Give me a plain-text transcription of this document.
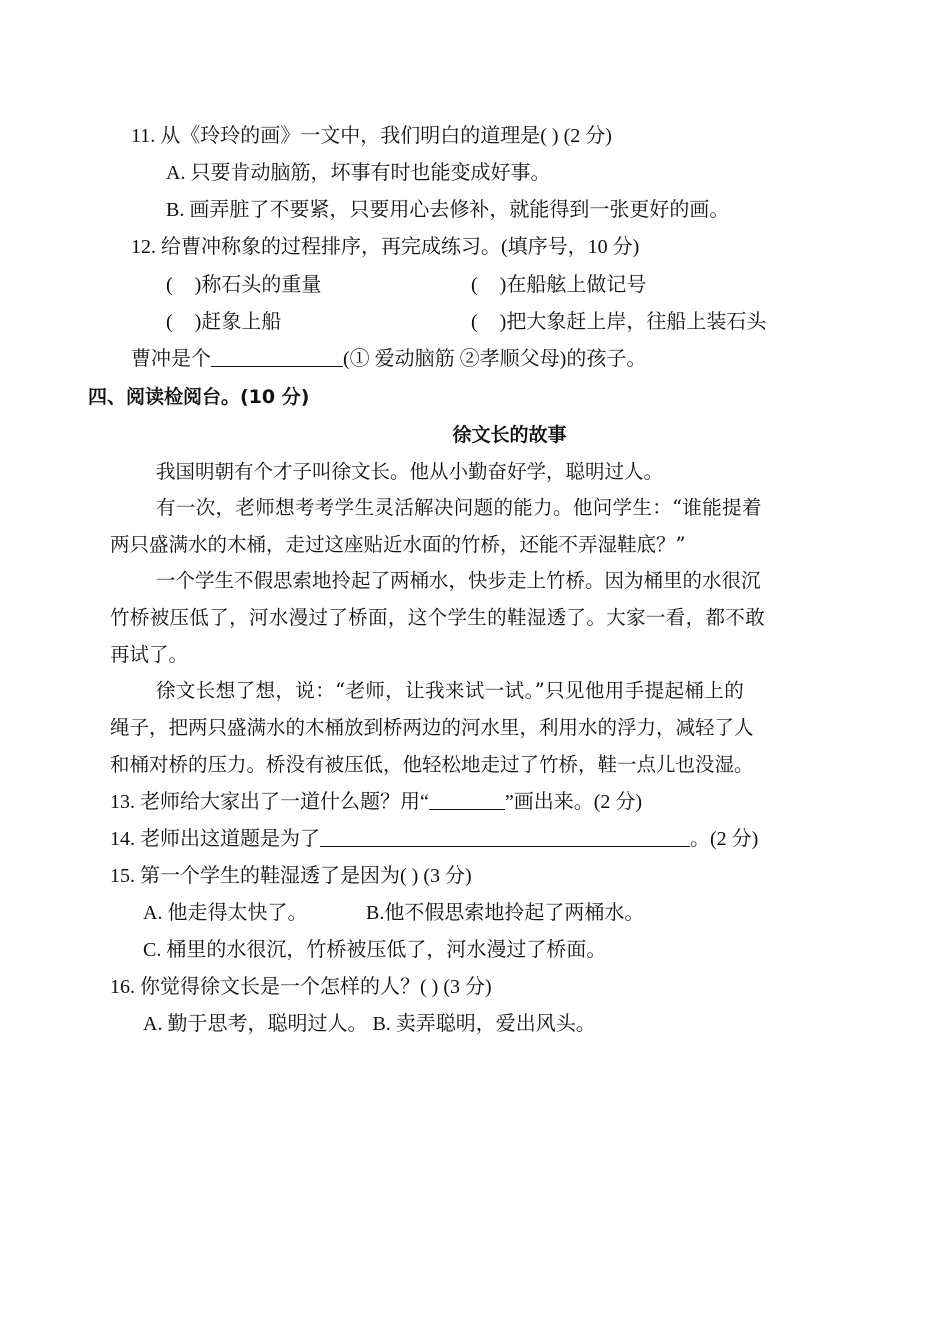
11. 从《玲玲的画》一文中，我们明白的道理是( ) (2 分)
A. 只要肯动脑筋，坏事有时也能变成好事。
B. 画弄脏了不要紧，只要用心去修补，就能得到一张更好的画。
12. 给曹冲称象的过程排序，再完成练习。(填序号，10 分)
( )称石头的重量	( )在船舷上做记号
( )赶象上船	( )把大象赶上岸，往船上装石头
曹冲是个	(① 爱动脑筋 ②孝顺父母)的孩子。
四、阅读检阅台。(10 分)
徐文长的故事
我国明朝有个才子叫徐文长。他从小勤奋好学，聪明过人。
有一次，老师想考考学生灵活解决问题的能力。他问学生：“谁能提着
两只盛满水的木桶，走过这座贴近水面的竹桥，还能不弄湿鞋底？”
一个学生不假思索地拎起了两桶水，快步走上竹桥。因为桶里的水很沉
竹桥被压低了，河水漫过了桥面，这个学生的鞋湿透了。大家一看，都不敢
再试了。
徐文长想了想，说：“老师，让我来试一试。”只见他用手提起桶上的
绳子，把两只盛满水的木桶放到桥两边的河水里，利用水的浮力，减轻了人
和桶对桥的压力。桥没有被压低，他轻松地走过了竹桥，鞋一点儿也没湿。
13. 老师给大家出了一道什么题？用“	”画出来。(2 分)
14. 老师出这道题是为了	。(2 分)
15. 第一个学生的鞋湿透了是因为( ) (3 分)
A. 他走得太快了。	B.他不假思索地拎起了两桶水。
C. 桶里的水很沉，竹桥被压低了，河水漫过了桥面。
16. 你觉得徐文长是一个怎样的人？( ) (3 分)
A. 勤于思考，聪明过人。 B. 卖弄聪明，爱出风头。
